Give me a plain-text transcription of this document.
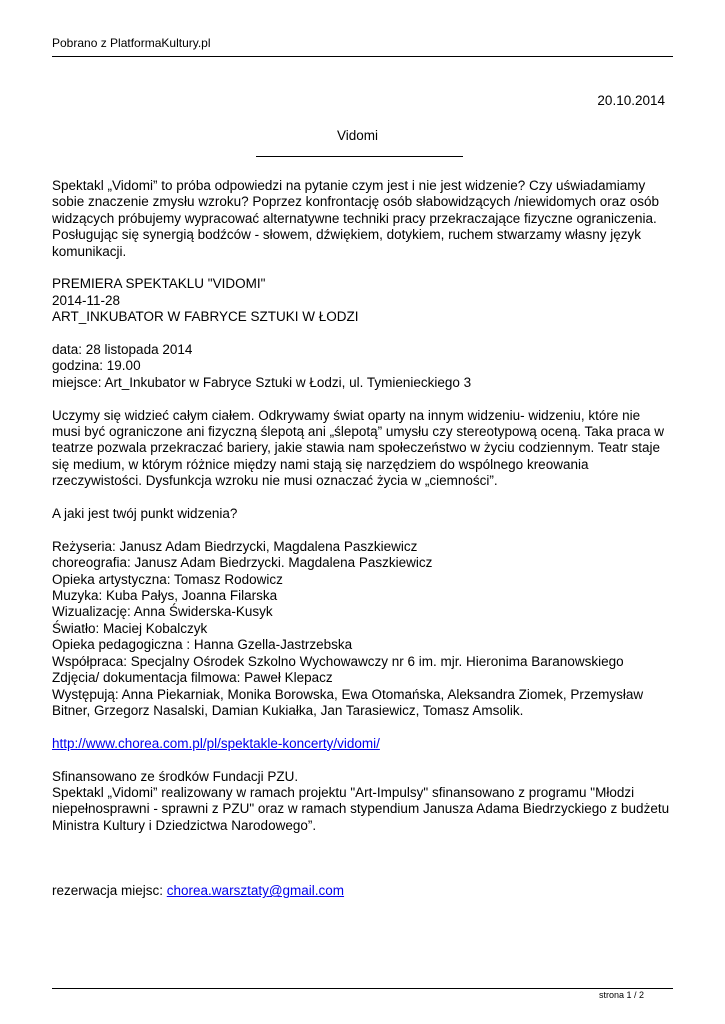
Pobrano z PlatformaKultury.pl
20.10.2014
Vidomi

Spektakl „Vidomi” to próba odpowiedzi na pytanie czym jest i nie jest widzenie? Czy uświadamiamy sobie znaczenie zmysłu wzroku? Poprzez konfrontację osób słabowidzących /niewidomych oraz osób widzących próbujemy wypracować alternatywne techniki pracy przekraczające fizyczne ograniczenia. Posługując się synergią bodźców - słowem, dźwiękiem, dotykiem, ruchem stwarzamy własny język komunikacji.

PREMIERA SPEKTAKLU "VIDOMI"
2014-11-28
ART_INKUBATOR W FABRYCE SZTUKI W ŁODZI

data: 28 listopada 2014
godzina: 19.00
miejsce: Art_Inkubator w Fabryce Sztuki w Łodzi, ul. Tymienieckiego 3

Uczymy się widzieć całym ciałem. Odkrywamy świat oparty na innym widzeniu- widzeniu, które nie musi być ograniczone ani fizyczną ślepotą ani „ślepotą” umysłu czy stereotypową oceną. Taka praca w teatrze pozwala przekraczać bariery, jakie stawia nam społeczeństwo w życiu codziennym. Teatr staje się medium, w którym różnice między nami stają się narzędziem do wspólnego kreowania rzeczywistości. Dysfunkcja wzroku nie musi oznaczać życia w „ciemności”.

A jaki jest twój punkt widzenia?

Reżyseria: Janusz Adam Biedrzycki, Magdalena Paszkiewicz
choreografia: Janusz Adam Biedrzycki. Magdalena Paszkiewicz
Opieka artystyczna: Tomasz Rodowicz
Muzyka: Kuba Pałys, Joanna Filarska
Wizualizację: Anna Świderska-Kusyk
Światło: Maciej Kobalczyk
Opieka pedagogiczna : Hanna Gzella-Jastrzebska
Współpraca: Specjalny Ośrodek Szkolno Wychowawczy nr 6 im. mjr. Hieronima Baranowskiego
Zdjęcia/ dokumentacja filmowa: Paweł Klepacz
Występują: Anna Piekarniak, Monika Borowska, Ewa Otomańska, Aleksandra Ziomek, Przemysław
Bitner, Grzegorz Nasalski, Damian Kukiałka, Jan Tarasiewicz, Tomasz Amsolik.

http://www.chorea.com.pl/pl/spektakle-koncerty/vidomi/

Sfinansowano ze środków Fundacji PZU.
Spektakl „Vidomi” realizowany w ramach projektu "Art-Impulsy" sfinansowano z programu "Młodzi niepełnosprawni - sprawni z PZU" oraz w ramach stypendium Janusza Adama Biedrzyckiego z budżetu Ministra Kultury i Dziedzictwa Narodowego”.

rezerwacja miejsc: chorea.warsztaty@gmail.com

strona 1 / 2
